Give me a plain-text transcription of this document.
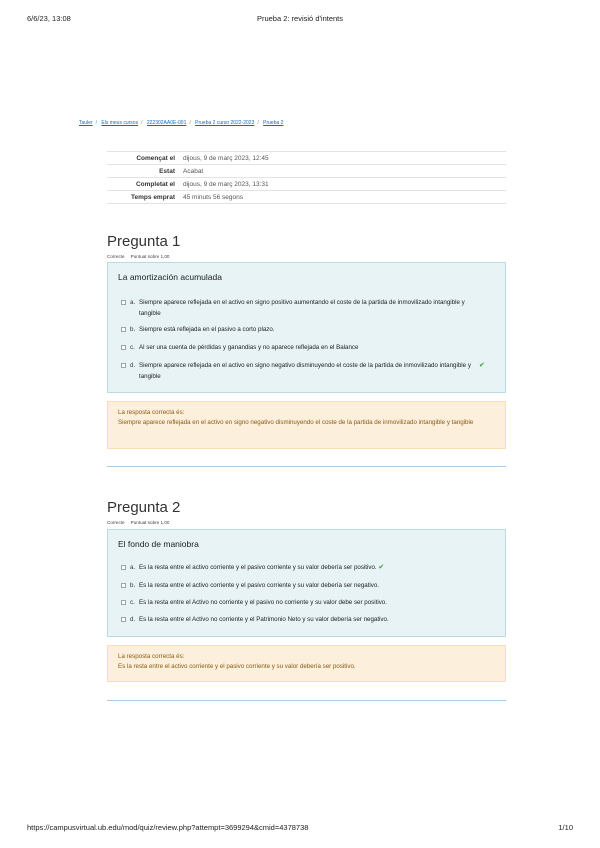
6/6/23, 13:08	Prueba 2: revisió d'intents
Tauler / Els meus cursos / 222302AA0E-001 / Prueba 2 curso 2022-2023 / Prueba 2
Començat el	dijous, 9 de març 2023, 12:45
Estat	Acabat
Completat el	dijous, 9 de març 2023, 13:31
Temps emprat	45 minuts 56 segons
Pregunta 1
Correcte Puntuat sobre 1,00
La amortización acumulada
a. Siempre aparece reflejada en el activo en signo positivo aumentando el coste de la partida de inmovilizado intangible y tangible
b. Siempre está reflejada en el pasivo a corto plazo.
c. Al ser una cuenta de pérdidas y ganandias y no aparece reflejada en el Balance
d. Siempre aparece reflejada en el activo en signo negativo disminuyendo el coste de la partida de inmovilizado intangible y tangible
✔
La resposta correcta és:
Siempre aparece reflejada en el activo en signo negativo disminuyendo el coste de la partida de inmovilizado intangible y tangible
Pregunta 2
Correcte Puntuat sobre 1,00
El fondo de maniobra
a. Es la resta entre el activo corriente y el pasivo corriente y su valor debería ser positivo. ✔
b. Es la resta entre el activo corriente y el pasivo corriente y su valor debería ser negativo.
c. Es la resta entre el Activo no corriente y el pasivo no corriente y su valor debe ser positivo.
d. Es la resta entre el Activo no corriente y el Patrimonio Neto y su valor debería ser negativo.
La resposta correcta és:
Es la resta entre el activo corriente y el pasivo corriente y su valor debería ser positivo.
https://campusvirtual.ub.edu/mod/quiz/review.php?attempt=3699294&cmid=4378738	1/10
